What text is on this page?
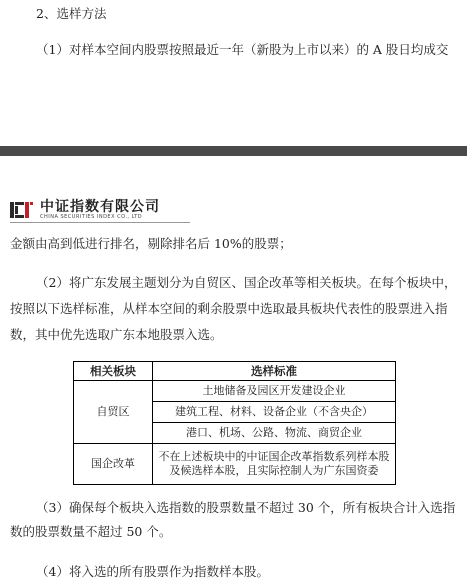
2、选样方法
（1）对样本空间内股票按照最近一年（新股为上市以来）的 A 股日均成交
中证指数有限公司
CHINA SECURITIES INDEX CO., LTD
金额由高到低进行排名，剔除排名后 10%的股票；
（2）将广东发展主题划分为自贸区、国企改革等相关板块。在每个板块中，
按照以下选样标准，从样本空间的剩余股票中选取最具板块代表性的股票进入指
数，其中优先选取广东本地股票入选。
相关板块	选样标准
自贸区	土地储备及园区开发建设企业
	建筑工程、材料、设备企业（不含央企）
	港口、机场、公路、物流、商贸企业
国企改革	不在上述板块中的中证国企改革指数系列样本股
及候选样本股，且实际控制人为广东国资委
（3）确保每个板块入选指数的股票数量不超过 30 个，所有板块合计入选指
数的股票数量不超过 50 个。
（4）将入选的所有股票作为指数样本股。
